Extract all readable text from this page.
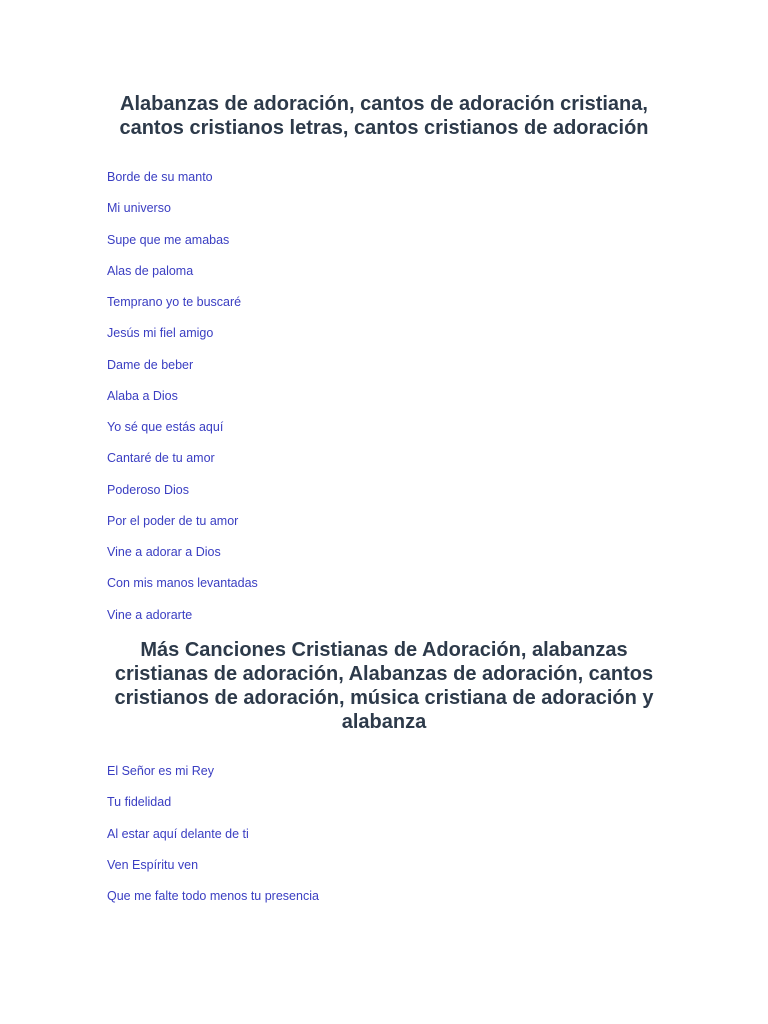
Alabanzas de adoración, cantos de adoración cristiana, cantos cristianos letras, cantos cristianos de adoración
Borde de su manto
Mi universo
Supe que me amabas
Alas de paloma
Temprano yo te buscaré
Jesús mi fiel amigo
Dame de beber
Alaba a Dios
Yo sé que estás aquí
Cantaré de tu amor
Poderoso Dios
Por el poder de tu amor
Vine a adorar a Dios
Con mis manos levantadas
Vine a adorarte
Más Canciones Cristianas de Adoración, alabanzas cristianas de adoración, Alabanzas de adoración, cantos cristianos de adoración, música cristiana de adoración y alabanza
El Señor es mi Rey
Tu fidelidad
Al estar aquí delante de ti
Ven Espíritu ven
Que me falte todo menos tu presencia
